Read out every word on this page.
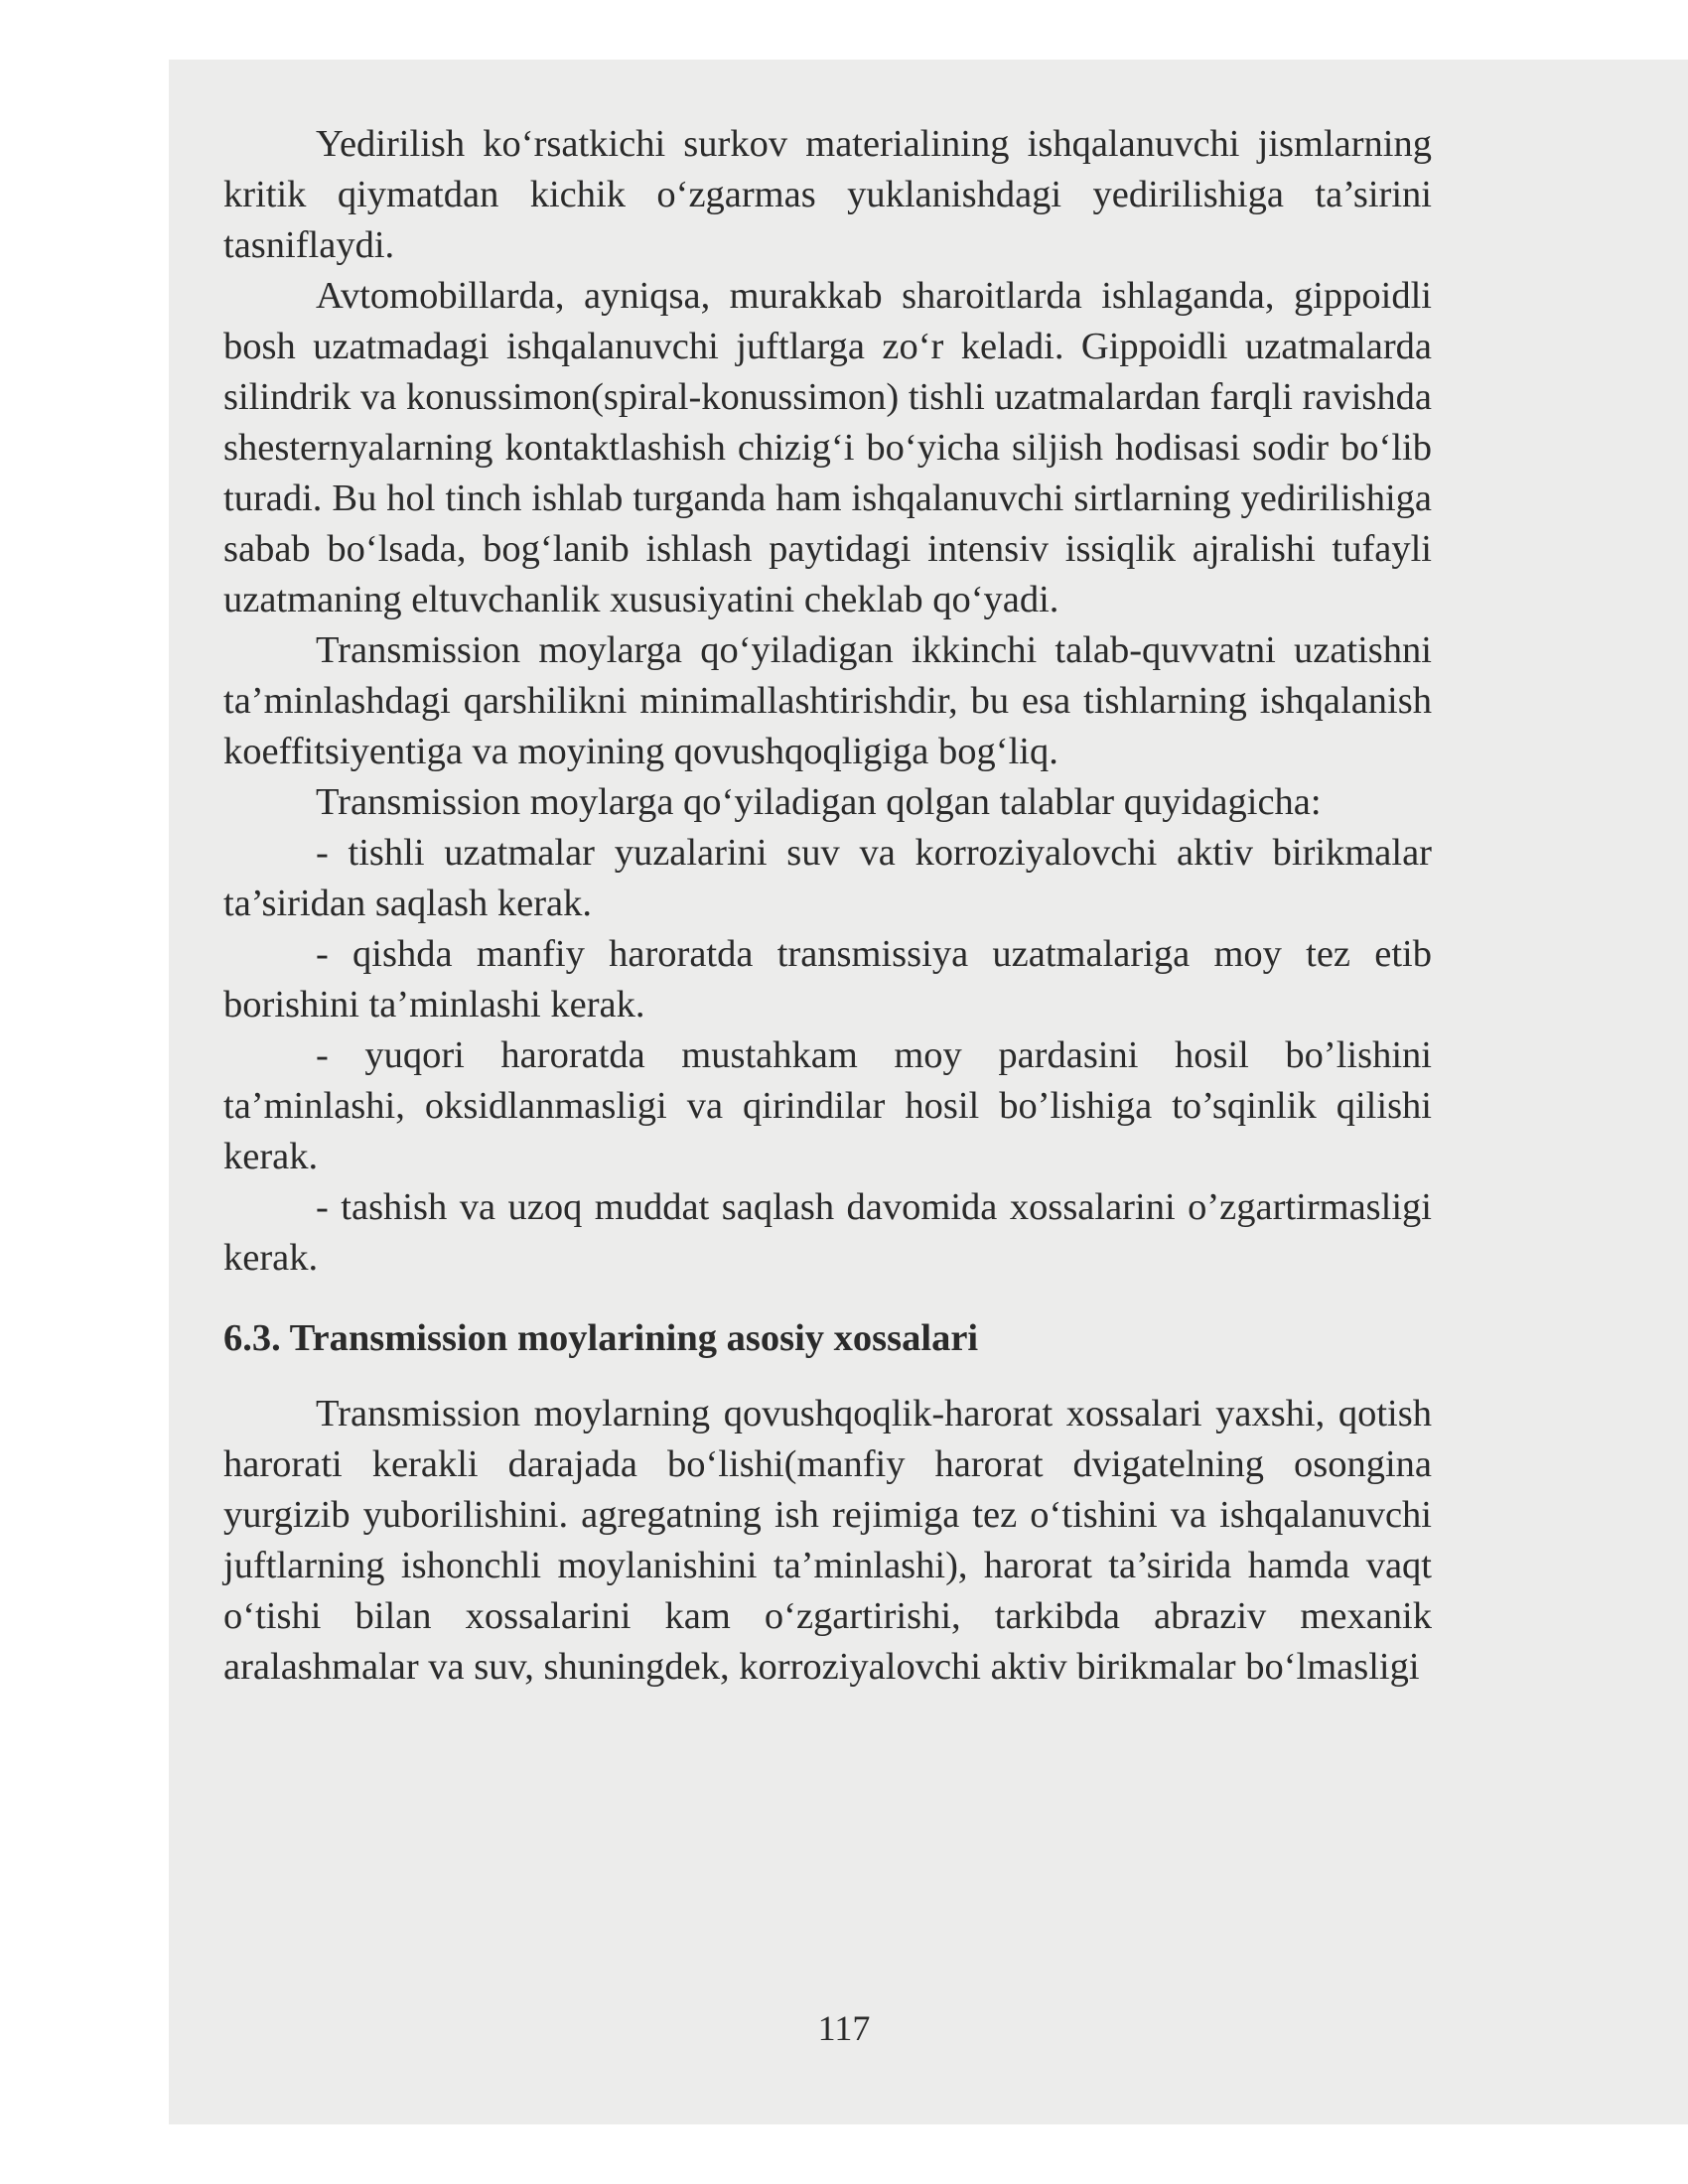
Yedirilish ko‘rsatkichi surkov materialining ishqalanuvchi jismlarning kritik qiymatdan kichik o‘zgarmas yuklanishdagi yedirilishiga ta’sirini tasniflaydi.

Avtomobillarda, ayniqsa, murakkab sharoitlarda ishlaganda, gippoidli bosh uzatmadagi ishqalanuvchi juftlarga zo‘r keladi. Gippoidli uzatmalarda silindrik va konussimon(spiral-konussimon) tishli uzatmalardan farqli ravishda shesternyalarning kontaktlashish chizig‘i bo‘yicha siljish hodisasi sodir bo‘lib turadi. Bu hol tinch ishlab turganda ham ishqalanuvchi sirtlarning yedirilishiga sabab bo‘lsada, bog‘lanib ishlash paytidagi intensiv issiqlik ajralishi tufayli uzatmaning eltuvchanlik xususiyatini cheklab qo‘yadi.

Transmission moylarga qo‘yiladigan ikkinchi talab-quvvatni uzatishni ta’minlashdagi qarshilikni minimallashtirishdir, bu esa tishlarning ishqalanish koeffitsiyentiga va moyining qovushqoqligiga bog‘liq.

Transmission moylarga qo‘yiladigan qolgan talablar quyidagicha:

- tishli uzatmalar yuzalarini suv va korroziyalovchi aktiv birikmalar ta’siridan saqlash kerak.

- qishda manfiy haroratda transmissiya uzatmalariga moy tez etib borishini ta’minlashi kerak.

- yuqori haroratda mustahkam moy pardasini hosil bo’lishini ta’minlashi, oksidlanmasligi va qirindilar hosil bo’lishiga to’sqinlik qilishi kerak.

- tashish va uzoq muddat saqlash davomida xossalarini o’zgartirmasligi kerak.

6.3. Transmission moylarining asosiy xossalari

Transmission moylarning qovushqoqlik-harorat xossalari yaxshi, qotish harorati kerakli darajada bo‘lishi(manfiy harorat dvigatelning osongina yurgizib yuborilishini. agregatning ish rejimiga tez o‘tishini va ishqalanuvchi juftlarning ishonchli moylanishini ta’minlashi), harorat ta’sirida hamda vaqt o‘tishi bilan xossalarini kam o‘zgartirishi, tarkibda abraziv mexanik aralashmalar va suv, shuningdek, korroziyalovchi aktiv birikmalar bo‘lmasligi

117
